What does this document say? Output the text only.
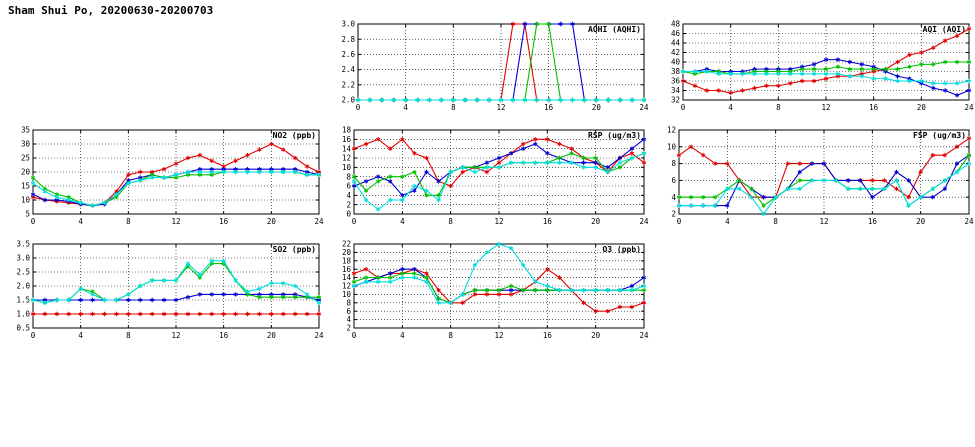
Sham Shui Po, 20200630-20200703
0	4	8	12	16	20	24
2.0
2.2
2.4
2.6
2.8
3.0
AQHI (AQHI)
0	4	8	12	16	20	24
32
34
36
38
40
42
44
46
48
AQI (AQI)
0	4	8	12	16	20	24
5
10
15
20
25
30
35
NO2 (ppb)
0	4	8	12	16	20	24
0
2
4
6
8
10
12
14
16
18
RSP (ug/m3)
0	4	8	12	16	20	24
2
4
6
8
10
12
FSP (ug/m3)
0	4	8	12	16	20	24
0.5
1.0
1.5
2.0
2.5
3.0
3.5
SO2 (ppb)
0	4	8	12	16	20	24
2
4
6
8
10
12
14
16
18
20
22
O3 (ppb)
